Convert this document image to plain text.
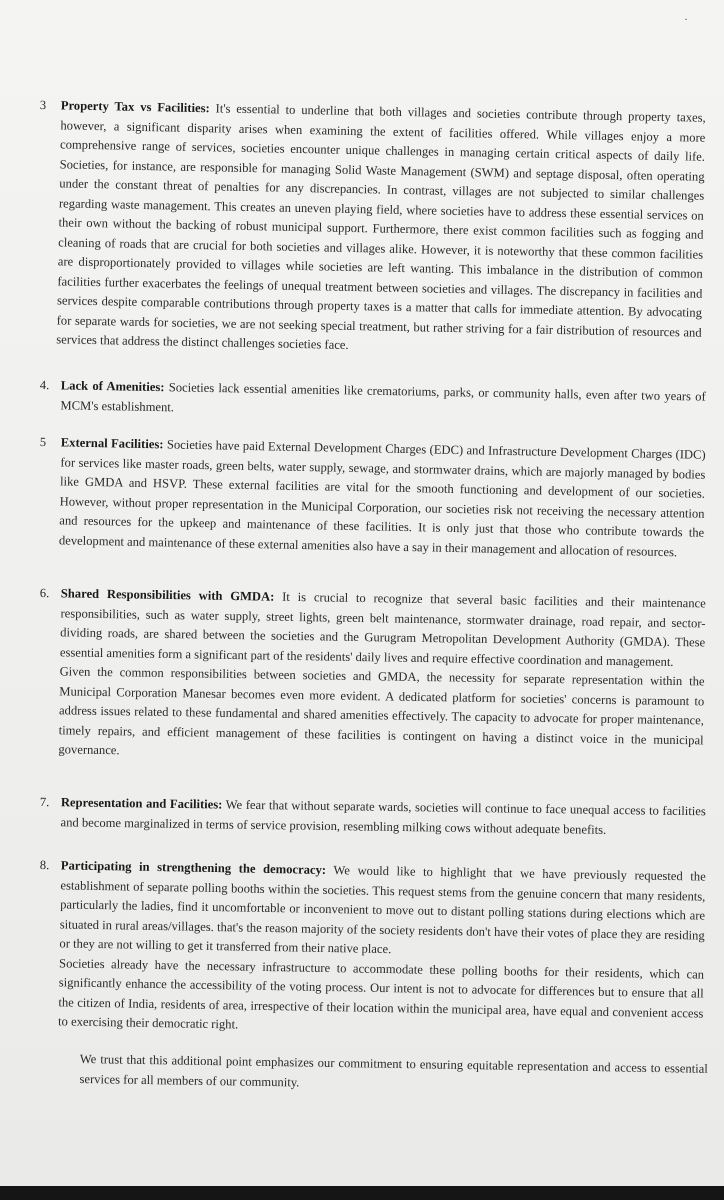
·
3	Property Tax vs Facilities: It's essential to underline that both villages and societies contribute through property taxes, however, a significant disparity arises when examining the extent of facilities offered. While villages enjoy a more comprehensive range of services, societies encounter unique challenges in managing certain critical aspects of daily life. Societies, for instance, are responsible for managing Solid Waste Management (SWM) and septage disposal, often operating under the constant threat of penalties for any discrepancies. In contrast, villages are not subjected to similar challenges regarding waste management. This creates an uneven playing field, where societies have to address these essential services on their own without the backing of robust municipal support. Furthermore, there exist common facilities such as fogging and cleaning of roads that are crucial for both societies and villages alike. However, it is noteworthy that these common facilities are disproportionately provided to villages while societies are left wanting. This imbalance in the distribution of common facilities further exacerbates the feelings of unequal treatment between societies and villages. The discrepancy in facilities and services despite comparable contributions through property taxes is a matter that calls for immediate attention. By advocating for separate wards for societies, we are not seeking special treatment, but rather striving for a fair distribution of resources and services that address the distinct challenges societies face.
4. Lack of Amenities: Societies lack essential amenities like crematoriums, parks, or community halls, even after two years of MCM's establishment.
5	External Facilities: Societies have paid External Development Charges (EDC) and Infrastructure Development Charges (IDC) for services like master roads, green belts, water supply, sewage, and stormwater drains, which are majorly managed by bodies like GMDA and HSVP. These external facilities are vital for the smooth functioning and development of our societies. However, without proper representation in the Municipal Corporation, our societies risk not receiving the necessary attention and resources for the upkeep and maintenance of these facilities. It is only just that those who contribute towards the development and maintenance of these external amenities also have a say in their management and allocation of resources.
6. Shared Responsibilities with GMDA: It is crucial to recognize that several basic facilities and their maintenance responsibilities, such as water supply, street lights, green belt maintenance, stormwater drainage, road repair, and sector-dividing roads, are shared between the societies and the Gurugram Metropolitan Development Authority (GMDA). These essential amenities form a significant part of the residents' daily lives and require effective coordination and management.
Given the common responsibilities between societies and GMDA, the necessity for separate representation within the Municipal Corporation Manesar becomes even more evident. A dedicated platform for societies' concerns is paramount to address issues related to these fundamental and shared amenities effectively. The capacity to advocate for proper maintenance, timely repairs, and efficient management of these facilities is contingent on having a distinct voice in the municipal governance.
7. Representation and Facilities: We fear that without separate wards, societies will continue to face unequal access to facilities and become marginalized in terms of service provision, resembling milking cows without adequate benefits.
8. Participating in strengthening the democracy: We would like to highlight that we have previously requested the establishment of separate polling booths within the societies. This request stems from the genuine concern that many residents, particularly the ladies, find it uncomfortable or inconvenient to move out to distant polling stations during elections which are situated in rural areas/villages. that's the reason majority of the society residents don't have their votes of place they are residing or they are not willing to get it transferred from their native place.
Societies already have the necessary infrastructure to accommodate these polling booths for their residents, which can significantly enhance the accessibility of the voting process. Our intent is not to advocate for differences but to ensure that all the citizen of India, residents of area, irrespective of their location within the municipal area, have equal and convenient access to exercising their democratic right.
We trust that this additional point emphasizes our commitment to ensuring equitable representation and access to essential services for all members of our community.
